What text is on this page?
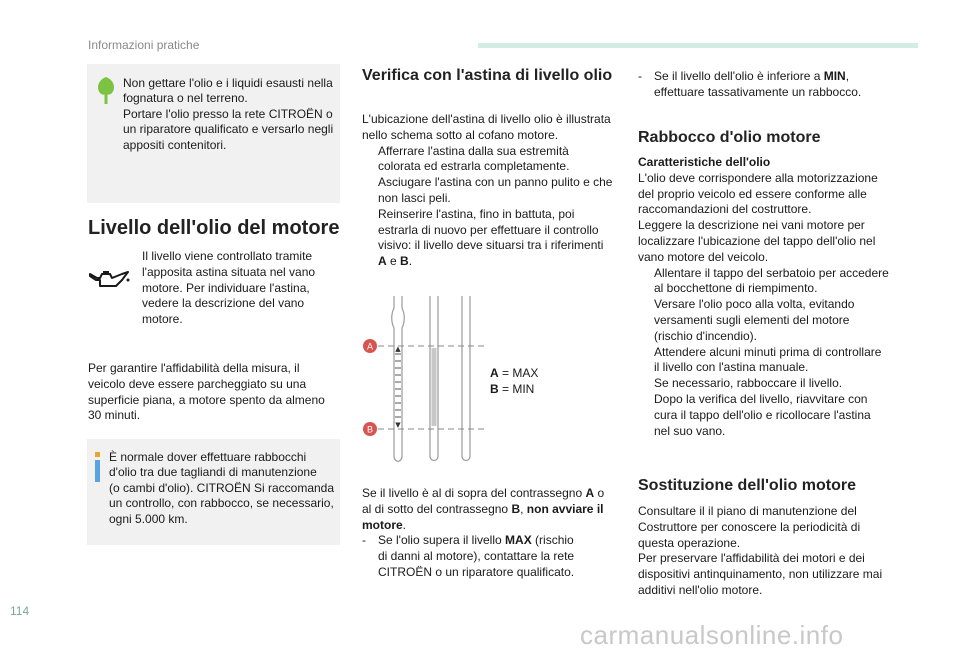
Informazioni pratiche
Non gettare l'olio e i liquidi esausti nella
fognatura o nel terreno.
Portare l'olio presso la rete CITROËN o
un riparatore qualificato e versarlo negli
appositi contenitori.
Livello dell'olio del motore
Il livello viene controllato tramite
l'apposita astina situata nel vano
motore. Per individuare l'astina,
vedere la descrizione del vano
motore.
Per garantire l'affidabilità della misura, il
veicolo deve essere parcheggiato su una
superficie piana, a motore spento da almeno
30 minuti.
È normale dover effettuare rabbocchi
d'olio tra due tagliandi di manutenzione
(o cambi d'olio). CITROËN Si raccomanda
un controllo, con rabbocco, se necessario,
ogni 5.000 km.
Verifica con l'astina di livello olio
L'ubicazione dell'astina di livello olio è illustrata
nello schema sotto al cofano motore.
Afferrare l'astina dalla sua estremità
colorata ed estrarla completamente.
Asciugare l'astina con un panno pulito e che
non lasci peli.
Reinserire l'astina, fino in battuta, poi
estrarla di nuovo per effettuare il controllo
visivo: il livello deve situarsi tra i riferimenti
A e B.
▲
▼
A
B
A = MAX
B = MIN
Se il livello è al di sopra del contrassegno A o
al di sotto del contrassegno B, non avviare il
motore.
- Se l'olio supera il livello MAX (rischio
di danni al motore), contattare la rete
CITROËN o un riparatore qualificato.
- Se il livello dell'olio è inferiore a MIN,
effettuare tassativamente un rabbocco.
Rabbocco d'olio motore
Caratteristiche dell'olio
L'olio deve corrispondere alla motorizzazione
del proprio veicolo ed essere conforme alle
raccomandazioni del costruttore.
Leggere la descrizione nei vani motore per
localizzare l'ubicazione del tappo dell'olio nel
vano motore del veicolo.
Allentare il tappo del serbatoio per accedere
al bocchettone di riempimento.
Versare l'olio poco alla volta, evitando
versamenti sugli elementi del motore
(rischio d'incendio).
Attendere alcuni minuti prima di controllare
il livello con l'astina manuale.
Se necessario, rabboccare il livello.
Dopo la verifica del livello, riavvitare con
cura il tappo dell'olio e ricollocare l'astina
nel suo vano.
Sostituzione dell'olio motore
Consultare il il piano di manutenzione del
Costruttore per conoscere la periodicità di
questa operazione.
Per preservare l'affidabilità dei motori e dei
dispositivi antinquinamento, non utilizzare mai
additivi nell'olio motore.
114
carmanualsonline.info
